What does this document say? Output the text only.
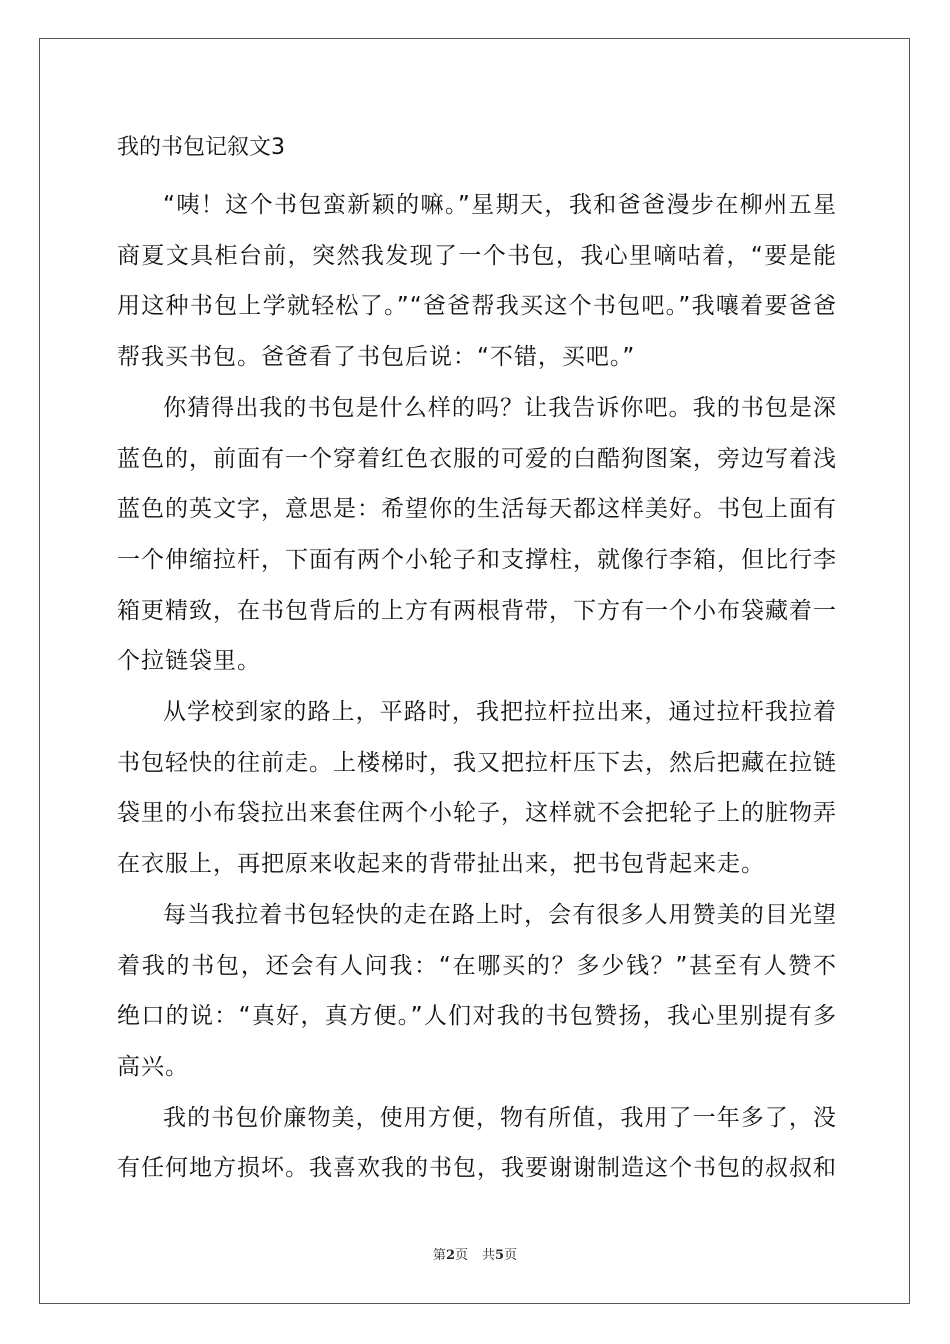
我的书包记叙文3

“咦！这个书包蛮新颖的嘛。”星期天，我和爸爸漫步在柳州五星商夏文具柜台前，突然我发现了一个书包，我心里嘀咕着，“要是能用这种书包上学就轻松了。”“爸爸帮我买这个书包吧。”我嚷着要爸爸帮我买书包。爸爸看了书包后说：“不错，买吧。”

你猜得出我的书包是什么样的吗？让我告诉你吧。我的书包是深蓝色的，前面有一个穿着红色衣服的可爱的白酷狗图案，旁边写着浅蓝色的英文字，意思是：希望你的生活每天都这样美好。书包上面有一个伸缩拉杆，下面有两个小轮子和支撑柱，就像行李箱，但比行李箱更精致，在书包背后的上方有两根背带，下方有一个小布袋藏着一个拉链袋里。

从学校到家的路上，平路时，我把拉杆拉出来，通过拉杆我拉着书包轻快的往前走。上楼梯时，我又把拉杆压下去，然后把藏在拉链袋里的小布袋拉出来套住两个小轮子，这样就不会把轮子上的脏物弄在衣服上，再把原来收起来的背带扯出来，把书包背起来走。

每当我拉着书包轻快的走在路上时，会有很多人用赞美的目光望着我的书包，还会有人问我：“在哪买的？多少钱？”甚至有人赞不绝口的说：“真好，真方便。”人们对我的书包赞扬，我心里别提有多高兴。

我的书包价廉物美，使用方便，物有所值，我用了一年多了，没有任何地方损坏。我喜欢我的书包，我要谢谢制造这个书包的叔叔和

第2页 共5页
